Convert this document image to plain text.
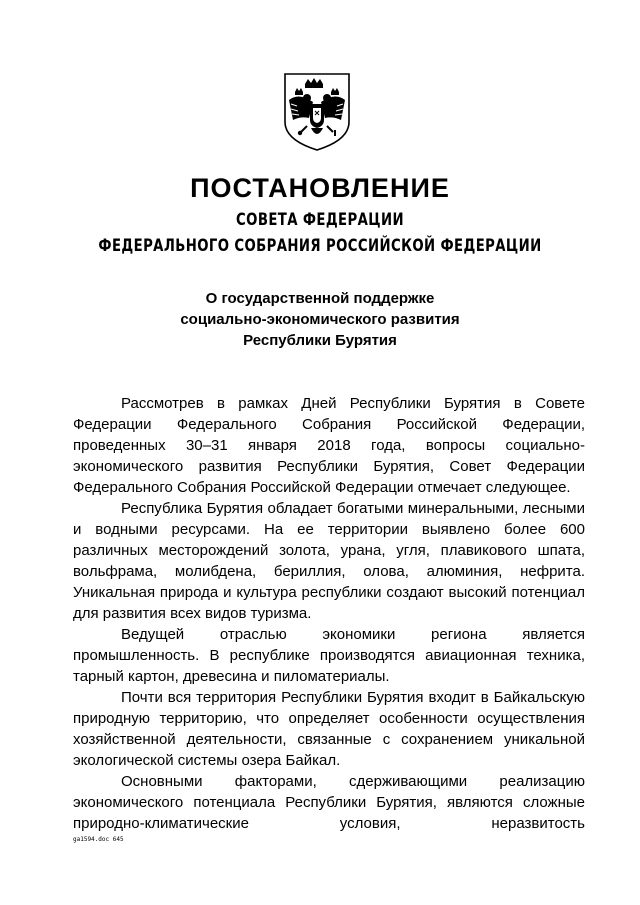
ПОСТАНОВЛЕНИЕ
СОВЕТА ФЕДЕРАЦИИ
ФЕДЕРАЛЬНОГО СОБРАНИЯ РОССИЙСКОЙ ФЕДЕРАЦИИ
О государственной поддержке
социально-экономического развития
Республики Бурятия

Рассмотрев в рамках Дней Республики Бурятия в Совете Федерации Федерального Собрания Российской Федерации, проведенных 30–31 января 2018 года, вопросы социально-экономического развития Республики Бурятия, Совет Федерации Федерального Собрания Российской Федерации отмечает следующее.

Республика Бурятия обладает богатыми минеральными, лесными и водными ресурсами. На ее территории выявлено более 600 различных месторождений золота, урана, угля, плавикового шпата, вольфрама, молибдена, бериллия, олова, алюминия, нефрита. Уникальная природа и культура республики создают высокий потенциал для развития всех видов туризма.

Ведущей отраслью экономики региона является промышленность. В республике производятся авиационная техника, тарный картон, древесина и пиломатериалы.

Почти вся территория Республики Бурятия входит в Байкальскую природную территорию, что определяет особенности осуществления хозяйственной деятельности, связанные с сохранением уникальной экологической системы озера Байкал.

Основными факторами, сдерживающими реализацию экономического потенциала Республики Бурятия, являются сложные природно-климатические условия, неразвитость

ga1594.doc 645
